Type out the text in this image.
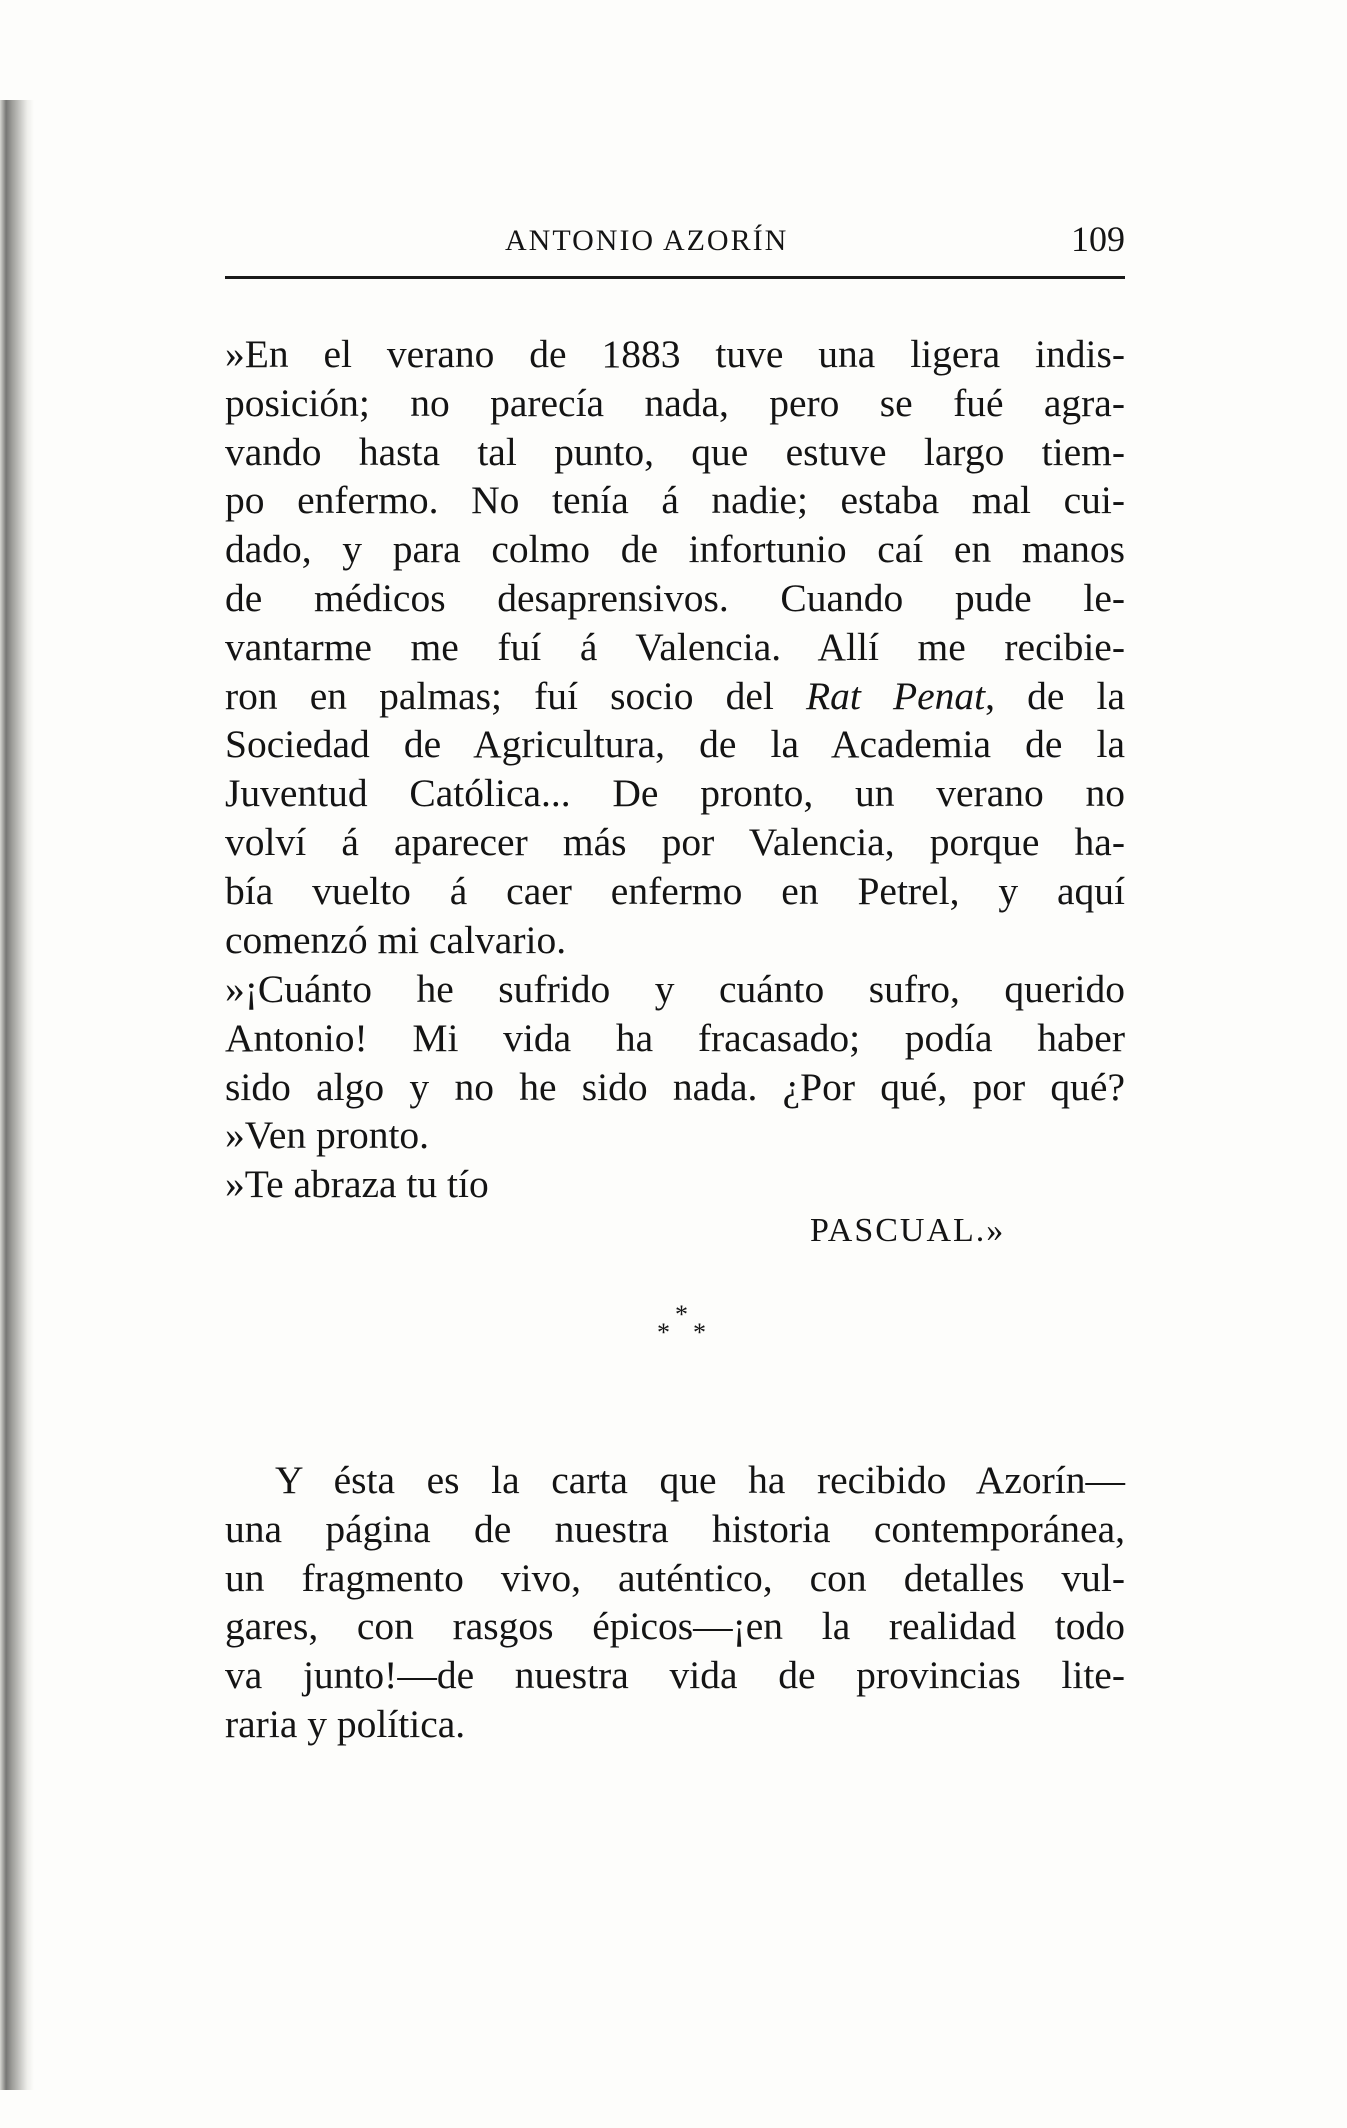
ANTONIO AZORÍN	109
»En el verano de 1883 tuve una ligera indis-
posición; no parecía nada, pero se fué agra-
vando hasta tal punto, que estuve largo tiem-
po enfermo. No tenía á nadie; estaba mal cui-
dado, y para colmo de infortunio caí en manos
de médicos desaprensivos. Cuando pude le-
vantarme me fuí á Valencia. Allí me recibie-
ron en palmas; fuí socio del Rat Penat, de la
Sociedad de Agricultura, de la Academia de la
Juventud Católica... De pronto, un verano no
volví á aparecer más por Valencia, porque ha-
bía vuelto á caer enfermo en Petrel, y aquí
comenzó mi calvario.
»¡Cuánto he sufrido y cuánto sufro, querido
Antonio! Mi vida ha fracasado; podía haber
sido algo y no he sido nada. ¿Por qué, por qué?
»Ven pronto.
»Te abraza tu tío
PASCUAL.»
*
* *
Y ésta es la carta que ha recibido Azorín—
una página de nuestra historia contemporánea,
un fragmento vivo, auténtico, con detalles vul-
gares, con rasgos épicos—¡en la realidad todo
va junto!—de nuestra vida de provincias lite-
raria y política.
